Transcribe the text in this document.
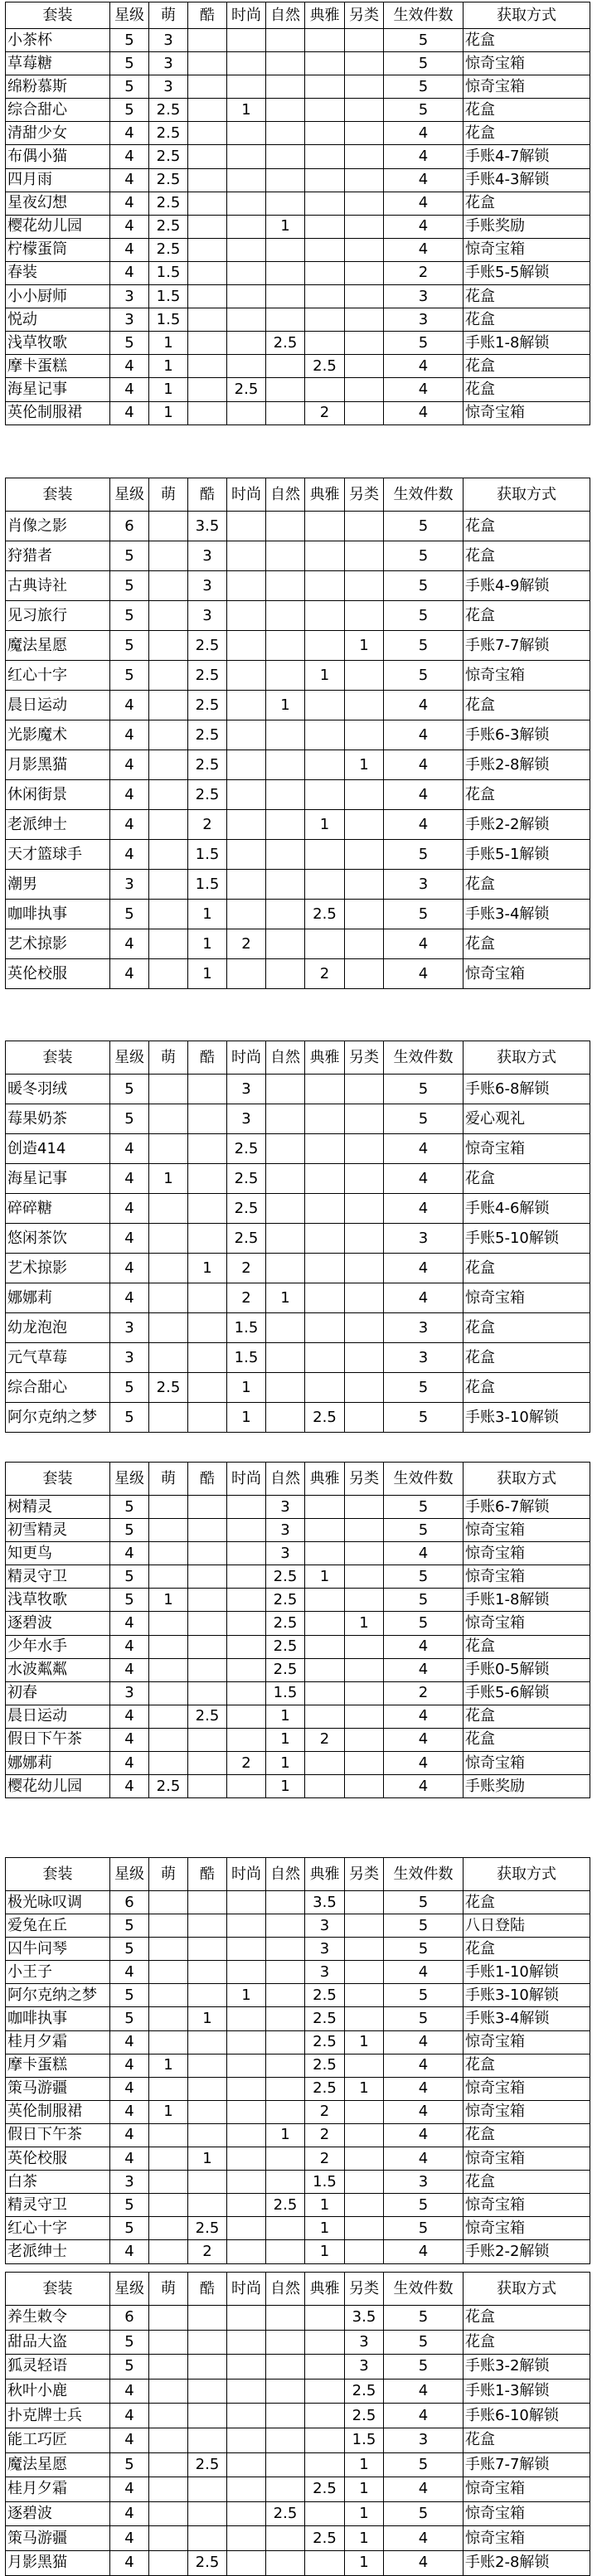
套装	星级	萌	酷	时尚	自然	典雅	另类	生效件数	获取方式
小茶杯	5	3						5	花盒
草莓糖	5	3						5	惊奇宝箱
绵粉慕斯	5	3						5	惊奇宝箱
综合甜心	5	2.5		1				5	花盒
清甜少女	4	2.5						4	花盒
布偶小猫	4	2.5						4	手账4-7解锁
四月雨	4	2.5						4	手账4-3解锁
星夜幻想	4	2.5						4	花盒
樱花幼儿园	4	2.5			1			4	手账奖励
柠檬蛋筒	4	2.5						4	惊奇宝箱
春装	4	1.5						2	手账5-5解锁
小小厨师	3	1.5						3	花盒
悦动	3	1.5						3	花盒
浅草牧歌	5	1			2.5			5	手账1-8解锁
摩卡蛋糕	4	1				2.5		4	花盒
海星记事	4	1		2.5				4	花盒
英伦制服裙	4	1				2		4	惊奇宝箱
套装	星级	萌	酷	时尚	自然	典雅	另类	生效件数	获取方式
肖像之影	6		3.5					5	花盒
狩猎者	5		3					5	花盒
古典诗社	5		3					5	手账4-9解锁
见习旅行	5		3					5	花盒
魔法星愿	5		2.5				1	5	手账7-7解锁
红心十字	5		2.5			1		5	惊奇宝箱
晨日运动	4		2.5		1			4	花盒
光影魔术	4		2.5					4	手账6-3解锁
月影黑猫	4		2.5				1	4	手账2-8解锁
休闲街景	4		2.5					4	花盒
老派绅士	4		2			1		4	手账2-2解锁
天才篮球手	4		1.5					5	手账5-1解锁
潮男	3		1.5					3	花盒
咖啡执事	5		1			2.5		5	手账3-4解锁
艺术掠影	4		1	2				4	花盒
英伦校服	4		1			2		4	惊奇宝箱
套装	星级	萌	酷	时尚	自然	典雅	另类	生效件数	获取方式
暖冬羽绒	5			3				5	手账6-8解锁
莓果奶茶	5			3				5	爱心观礼
创造414	4			2.5				4	惊奇宝箱
海星记事	4	1		2.5				4	花盒
碎碎糖	4			2.5				4	手账4-6解锁
悠闲茶饮	4			2.5				3	手账5-10解锁
艺术掠影	4		1	2				4	花盒
娜娜莉	4			2	1			4	惊奇宝箱
幼龙泡泡	3			1.5				3	花盒
元气草莓	3			1.5				3	花盒
综合甜心	5	2.5		1				5	花盒
阿尔克纳之梦	5			1		2.5		5	手账3-10解锁
套装	星级	萌	酷	时尚	自然	典雅	另类	生效件数	获取方式
树精灵	5				3			5	手账6-7解锁
初雪精灵	5				3			5	惊奇宝箱
知更鸟	4				3			4	惊奇宝箱
精灵守卫	5				2.5	1		5	惊奇宝箱
浅草牧歌	5	1			2.5			5	手账1-8解锁
逐碧波	4				2.5		1	5	惊奇宝箱
少年水手	4				2.5			4	花盒
水波粼粼	4				2.5			4	手账0-5解锁
初春	3				1.5			2	手账5-6解锁
晨日运动	4		2.5		1			4	花盒
假日下午茶	4				1	2		4	花盒
娜娜莉	4			2	1			4	惊奇宝箱
樱花幼儿园	4	2.5			1			4	手账奖励
套装	星级	萌	酷	时尚	自然	典雅	另类	生效件数	获取方式
极光咏叹调	6					3.5		5	花盒
爱兔在丘	5					3		5	八日登陆
囚牛问琴	5					3		5	花盒
小王子	4					3		4	手账1-10解锁
阿尔克纳之梦	5			1		2.5		5	手账3-10解锁
咖啡执事	5		1			2.5		5	手账3-4解锁
桂月夕霜	4					2.5	1	4	惊奇宝箱
摩卡蛋糕	4	1				2.5		4	花盒
策马游疆	4					2.5	1	4	惊奇宝箱
英伦制服裙	4	1				2		4	惊奇宝箱
假日下午茶	4				1	2		4	花盒
英伦校服	4		1			2		4	惊奇宝箱
白茶	3					1.5		3	花盒
精灵守卫	5				2.5	1		5	惊奇宝箱
红心十字	5		2.5			1		5	惊奇宝箱
老派绅士	4		2			1		4	手账2-2解锁
套装	星级	萌	酷	时尚	自然	典雅	另类	生效件数	获取方式
养生敕令	6						3.5	5	花盒
甜品大盗	5						3	5	花盒
狐灵轻语	5						3	5	手账3-2解锁
秋叶小鹿	4						2.5	4	手账1-3解锁
扑克牌士兵	4						2.5	4	手账6-10解锁
能工巧匠	4						1.5	3	花盒
魔法星愿	5		2.5				1	5	手账7-7解锁
桂月夕霜	4					2.5	1	4	惊奇宝箱
逐碧波	4				2.5		1	5	惊奇宝箱
策马游疆	4					2.5	1	4	惊奇宝箱
月影黑猫	4		2.5				1	4	手账2-8解锁
